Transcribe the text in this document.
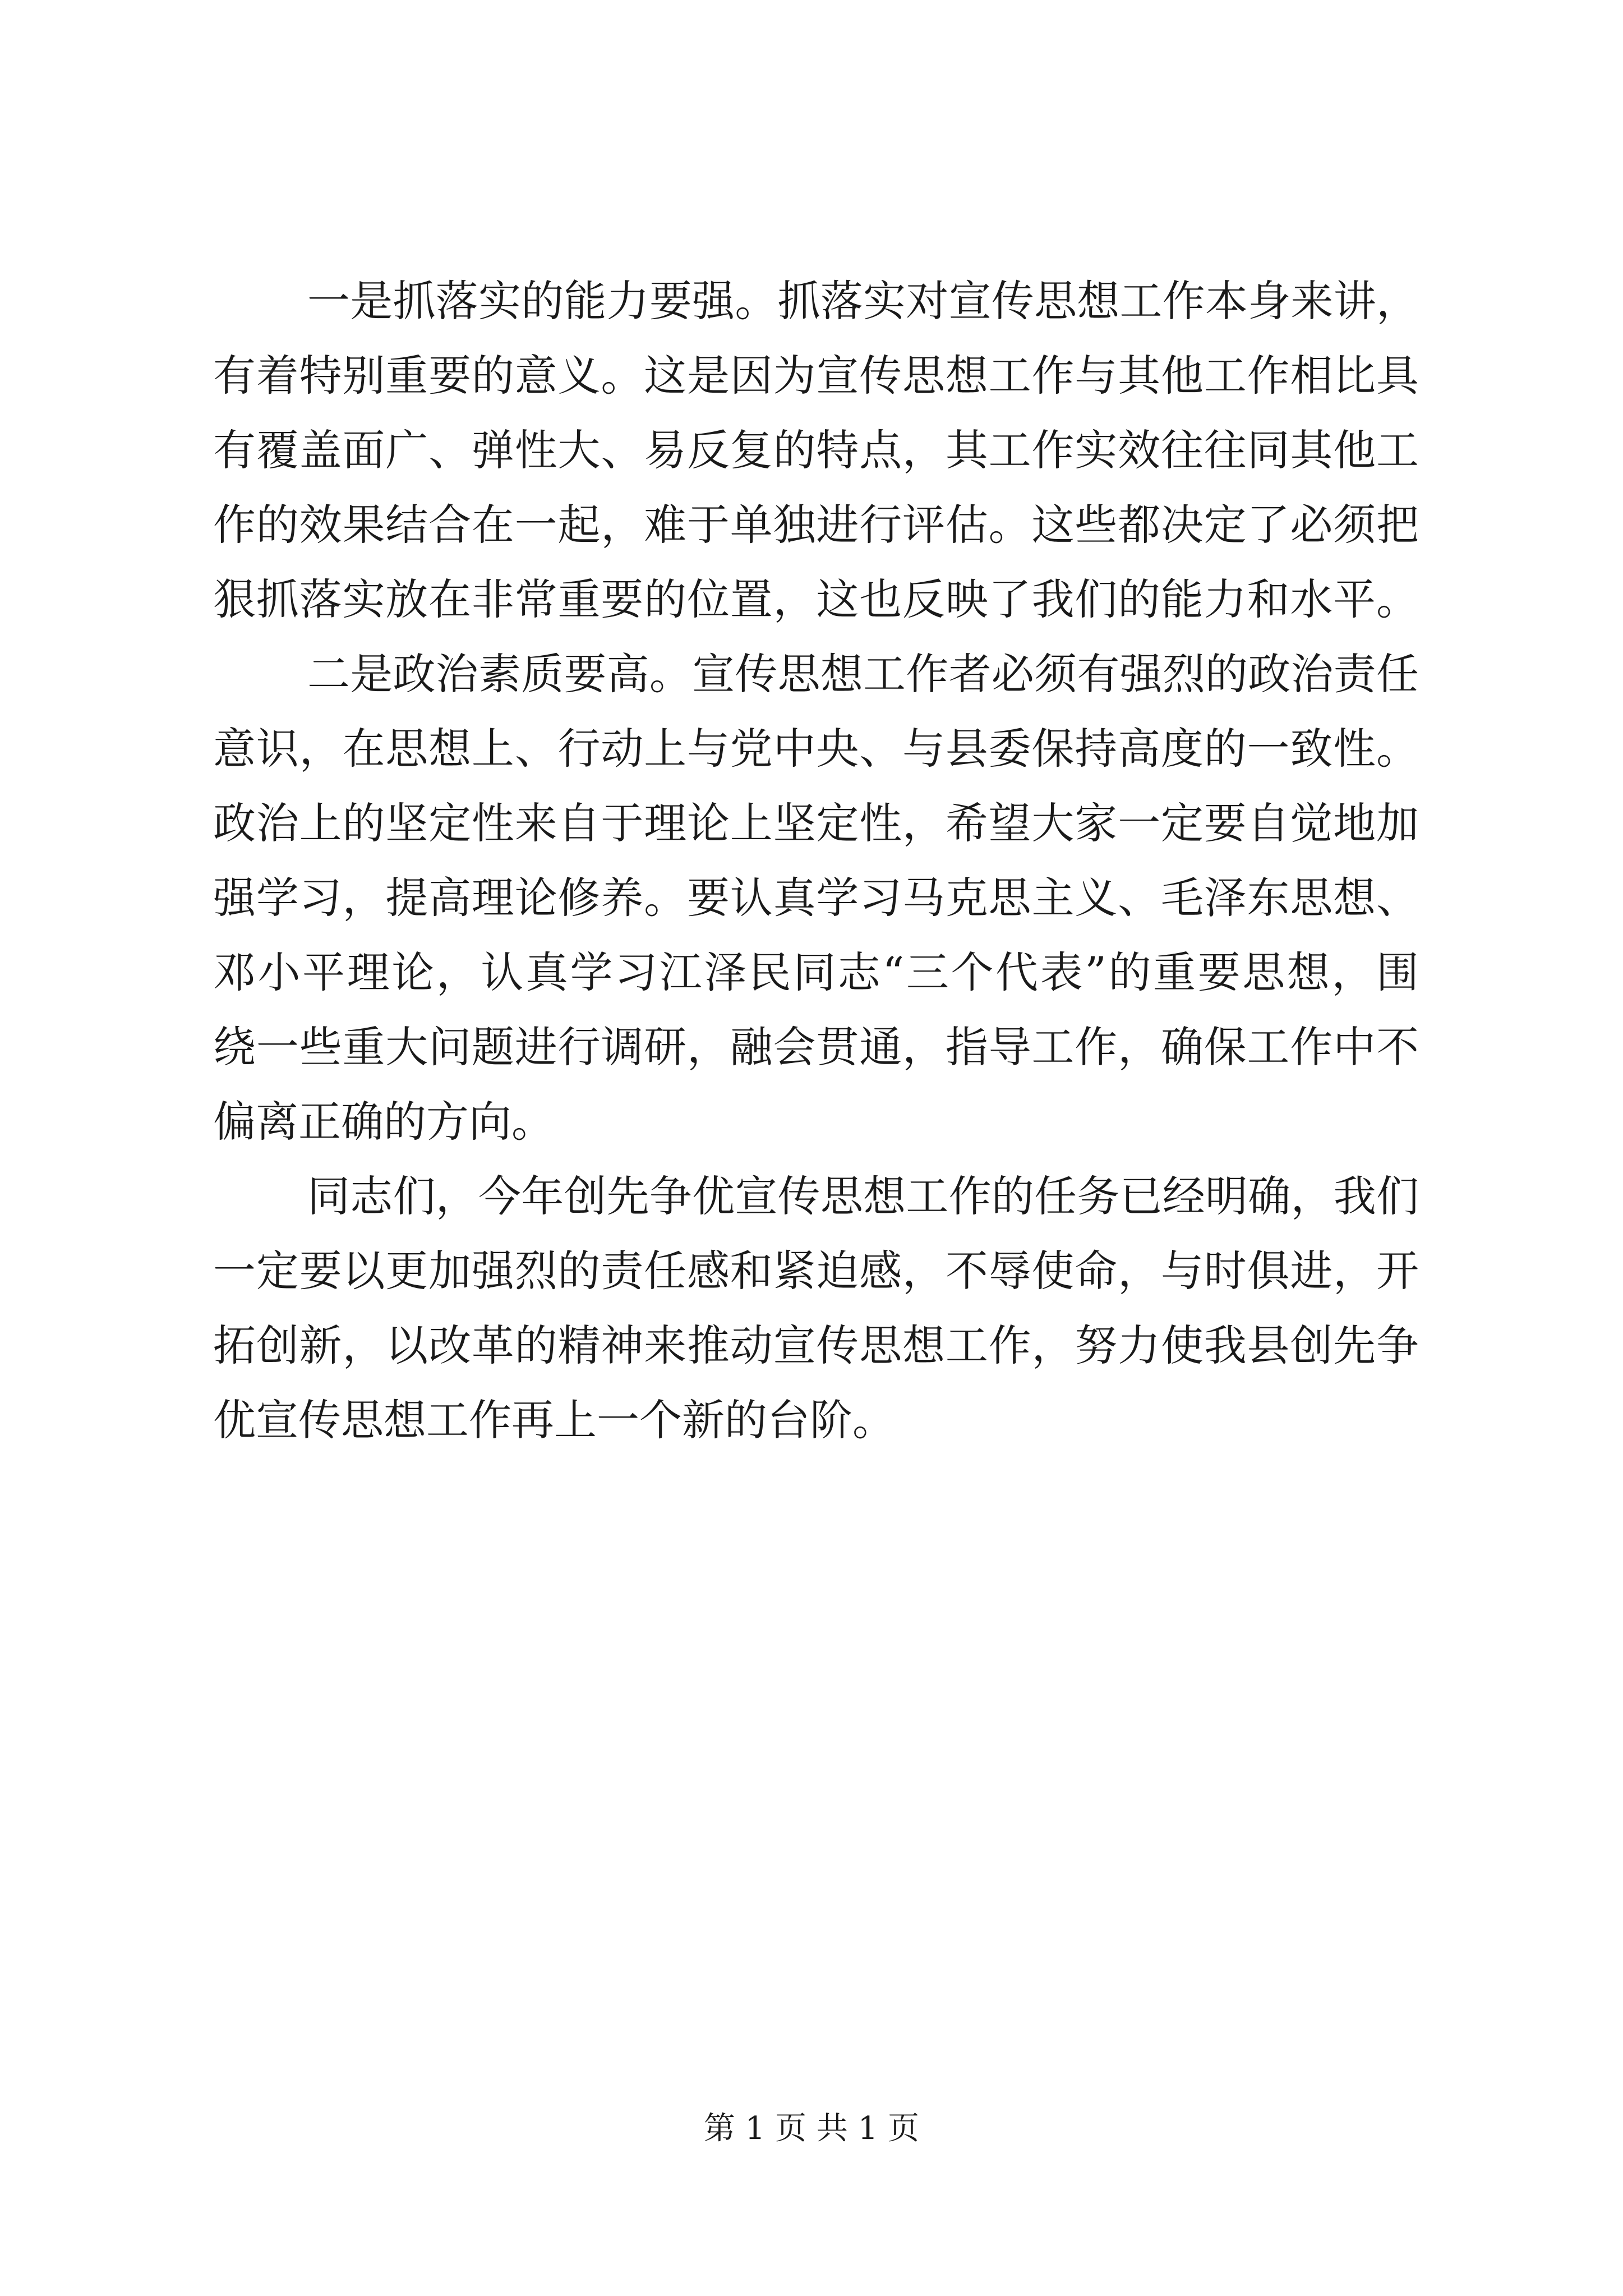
一是抓落实的能力要强。抓落实对宣传思想工作本身来讲，
有着特别重要的意义。这是因为宣传思想工作与其他工作相比具
有覆盖面广、弹性大、易反复的特点，其工作实效往往同其他工
作的效果结合在一起，难于单独进行评估。这些都决定了必须把
狠抓落实放在非常重要的位置，这也反映了我们的能力和水平。
二是政治素质要高。宣传思想工作者必须有强烈的政治责任
意识，在思想上、行动上与党中央、与县委保持高度的一致性。
政治上的坚定性来自于理论上坚定性，希望大家一定要自觉地加
强学习，提高理论修养。要认真学习马克思主义、毛泽东思想、
邓小平理论，认真学习江泽民同志“三个代表”的重要思想，围
绕一些重大问题进行调研，融会贯通，指导工作，确保工作中不
偏离正确的方向。
同志们，今年创先争优宣传思想工作的任务已经明确，我们
一定要以更加强烈的责任感和紧迫感，不辱使命，与时俱进，开
拓创新，以改革的精神来推动宣传思想工作，努力使我县创先争
优宣传思想工作再上一个新的台阶。
第 1 页 共 1 页
